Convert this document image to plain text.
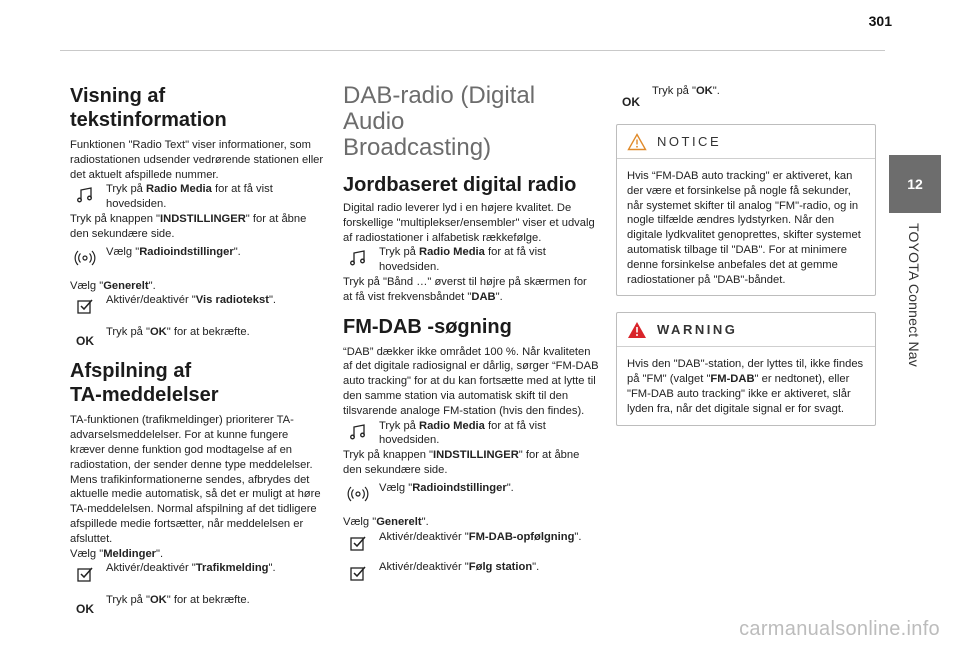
301
12
TOYOTA Connect Nav
Visning af tekstinformation

Funktionen "Radio Text" viser informationer, som radiostationen udsender vedrørende stationen eller det aktuelt afspillede nummer.

Tryk på Radio Media for at få vist hovedsiden.

Tryk på knappen "INDSTILLINGER" for at åbne den sekundære side.

Vælg "Radioindstillinger".

Vælg "Generelt".

Aktivér/deaktivér "Vis radiotekst".

OK

Tryk på "OK" for at bekræfte.

Afspilning af
TA-meddelelser

TA-funktionen (trafikmeldinger) prioriterer TA-advarselsmeddelelser. For at kunne fungere kræver denne funktion god modtagelse af en radiostation, der sender denne type meddelelser. Mens trafikinformationerne sendes, afbrydes det aktuelle medie automatisk, så det er muligt at høre TA-meddelelsen. Normal afspilning af det tidligere afspillede medie fortsætter, når meddelelsen er afsluttet.

Vælg "Meldinger".

Aktivér/deaktivér "Trafikmelding".

OK

Tryk på "OK" for at bekræfte.

DAB-radio (Digital Audio
Broadcasting)
Jordbaseret digital radio

Digital radio leverer lyd i en højere kvalitet. De forskellige "multiplekser/ensembler" viser et udvalg af radiostationer i alfabetisk rækkefølge.

Tryk på Radio Media for at få vist hovedsiden.

Tryk på "Bånd …" øverst til højre på skærmen for at få vist frekvensbåndet "DAB".

FM-DAB -søgning

“DAB” dækker ikke området 100 %. Når kvaliteten af det digitale radiosignal er dårlig, sørger “FM-DAB auto tracking" for at du kan fortsætte med at lytte til den samme station via automatisk skift til den tilsvarende analoge FM-station (hvis den findes).

Tryk på Radio Media for at få vist hovedsiden.

Tryk på knappen "INDSTILLINGER" for at åbne den sekundære side.

Vælg "Radioindstillinger".

Vælg "Generelt".

Aktivér/deaktivér "FM-DAB-opfølgning".

Aktivér/deaktivér "Følg station".

OK

Tryk på "OK".

NOTICE

Hvis “FM-DAB auto tracking" er aktiveret, kan der være et forsinkelse på nogle få sekunder, når systemet skifter til analog "FM"-radio, og in nogle tilfælde ændres lydstyrken. Når den digitale lydkvalitet genoprettes, skifter systemet automatisk tilbage til "DAB". For at minimere denne forsinkelse anbefales det at gemme radiostationer på "DAB"-båndet.

WARNING

Hvis den "DAB"-station, der lyttes til, ikke findes på "FM" (valget "FM-DAB" er nedtonet), eller "FM-DAB auto tracking" ikke er aktiveret, slår lyden fra, når det digitale signal er for svagt.

carmanualsonline.info
